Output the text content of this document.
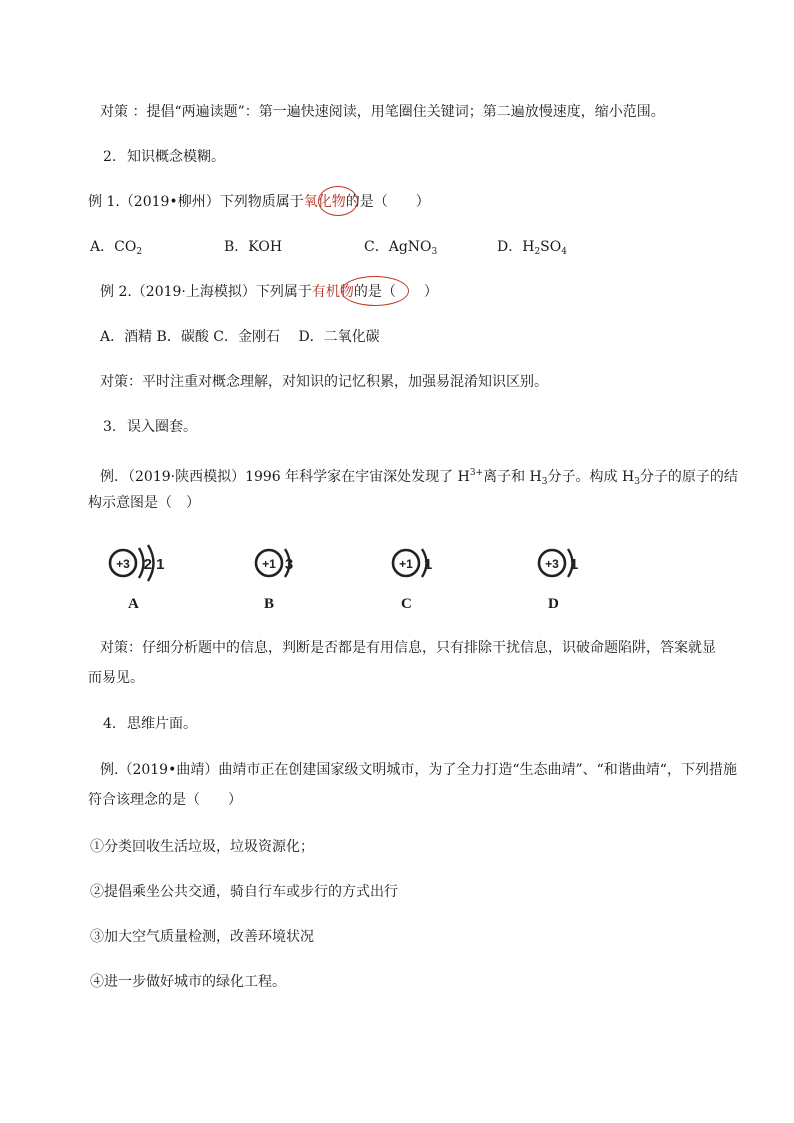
对策 ：提倡“两遍读题”：第一遍快速阅读，用笔圈住关键词；第二遍放慢速度，缩小范围。
2. 知识概念模糊。
例 1.（2019•柳州）下列物质属于氧化物的是（　　）
A．$CO_2$	B．KOH	C．AgNO$_3$	D．$H_2SO_4$
例 2.（2019·上海模拟）下列属于有机物的是（　　）
A．酒精 B．碳酸 C．金刚石　 D．二氧化碳
对策：平时注重对概念理解，对知识的记忆积累，加强易混淆知识区别。
3. 误入圈套。
例．（2019·陕西模拟）1996 年科学家在宇宙深处发现了 $H^{3+}$离子和 $H_3$分子。构成 $H_3$分子的原子的结
构示意图是（　）
+3 2 1
A
+1 3
B
+1 1
C
+3 1
D
对策：仔细分析题中的信息，判断是否都是有用信息，只有排除干扰信息，识破命题陷阱，答案就显
而易见。
4. 思维片面。
例.（2019•曲靖）曲靖市正在创建国家级文明城市，为了全力打造“生态曲靖”、“和谐曲靖“，下列措施
符合该理念的是（　　）
①分类回收生活垃圾，垃圾资源化；
②提倡乘坐公共交通，骑自行车或步行的方式出行
③加大空气质量检测，改善环境状况
④进一步做好城市的绿化工程。
